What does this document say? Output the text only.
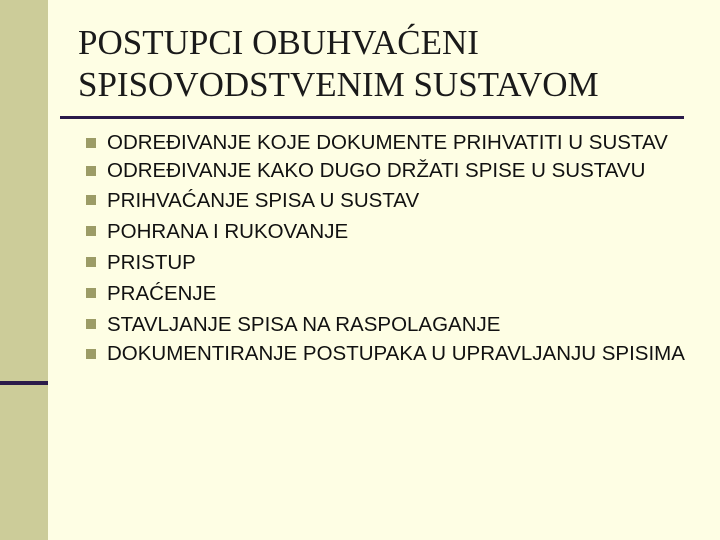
POSTUPCI OBUHVAĆENI
SPISOVODSTVENIM SUSTAVOM
ODREĐIVANJE KOJE DOKUMENTE PRIHVATITI U SUSTAV
ODREĐIVANJE KAKO DUGO DRŽATI SPISE U SUSTAVU
PRIHVAĆANJE SPISA U SUSTAV
POHRANA I RUKOVANJE
PRISTUP
PRAĆENJE
STAVLJANJE SPISA NA RASPOLAGANJE
DOKUMENTIRANJE POSTUPAKA U UPRAVLJANJU SPISIMA
